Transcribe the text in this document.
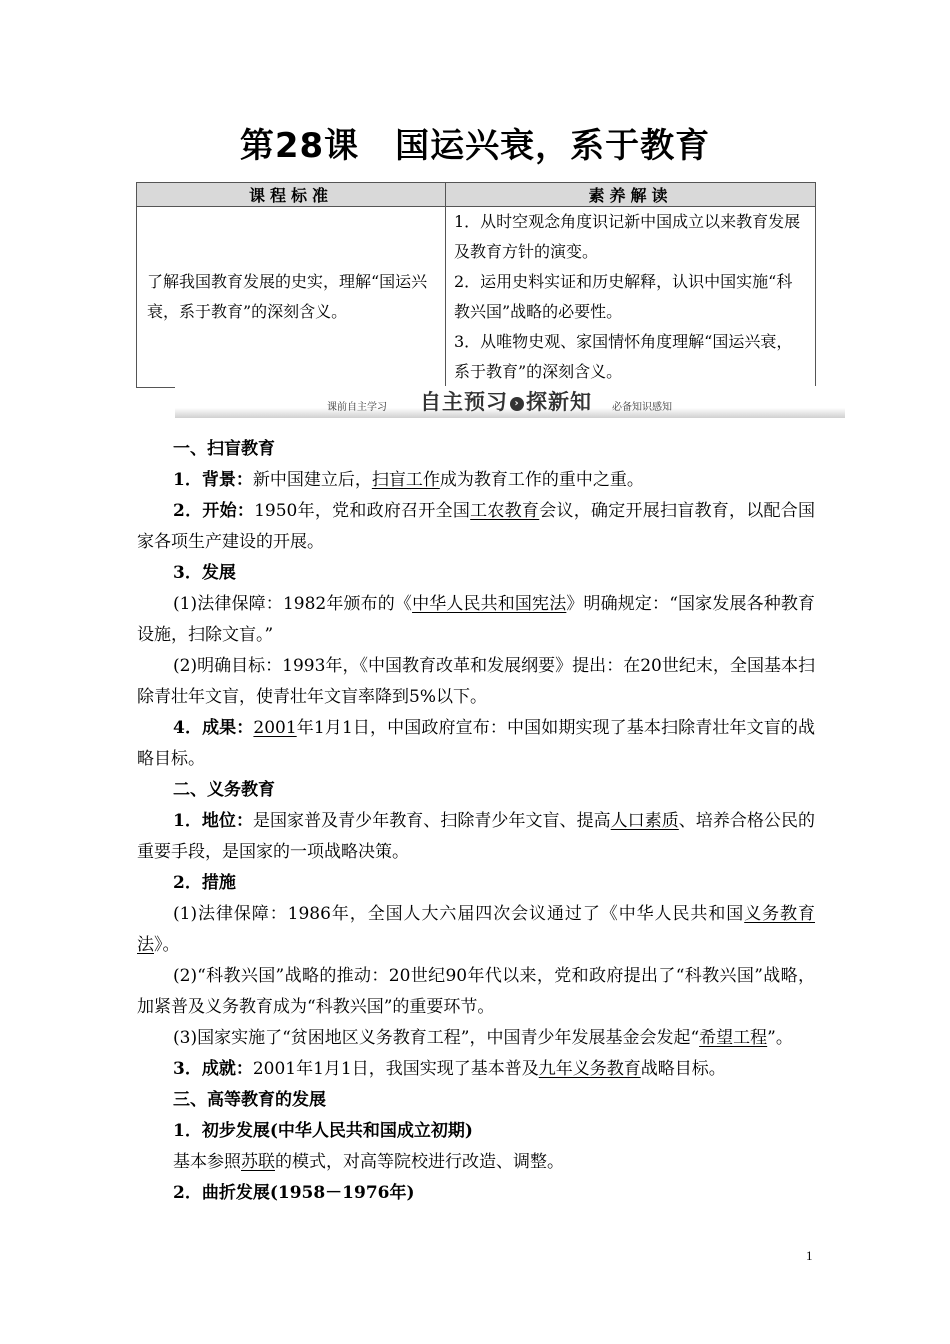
第28课 国运兴衰，系于教育
课程标准	素养解读
了解我国教育发展的史实，理解“国运兴衰，系于教育”的深刻含义。	1．从时空观念角度识记新中国成立以来教育发展及教育方针的演变。

2．运用史料实证和历史解释，认识中国实施“科教兴国”战略的必要性。

3．从唯物史观、家国情怀角度理解“国运兴衰，系于教育”的深刻含义。

课前自主学习 自主预习 › 探新知 必备知识感知

一、扫盲教育

1．背景：新中国建立后，扫盲工作成为教育工作的重中之重。

2．开始：1950年，党和政府召开全国工农教育会议，确定开展扫盲教育，以配合国家各项生产建设的开展。

3．发展

(1)法律保障：1982年颁布的《中华人民共和国宪法》明确规定：“国家发展各种教育设施，扫除文盲。”

(2)明确目标：1993年，《中国教育改革和发展纲要》提出：在20世纪末，全国基本扫除青壮年文盲，使青壮年文盲率降到5%以下。

4．成果：2001年1月1日，中国政府宣布：中国如期实现了基本扫除青壮年文盲的战略目标。

二、义务教育

1．地位：是国家普及青少年教育、扫除青少年文盲、提高人口素质、培养合格公民的重要手段，是国家的一项战略决策。

2．措施

(1)法律保障：1986年，全国人大六届四次会议通过了《中华人民共和国义务教育法》。

(2)“科教兴国”战略的推动：20世纪90年代以来，党和政府提出了“科教兴国”战略，加紧普及义务教育成为“科教兴国”的重要环节。

(3)国家实施了“贫困地区义务教育工程”，中国青少年发展基金会发起“希望工程”。

3．成就：2001年1月1日，我国实现了基本普及九年义务教育战略目标。

三、高等教育的发展

1．初步发展(中华人民共和国成立初期)

基本参照苏联的模式，对高等院校进行改造、调整。

2．曲折发展(1958－1976年)

1
